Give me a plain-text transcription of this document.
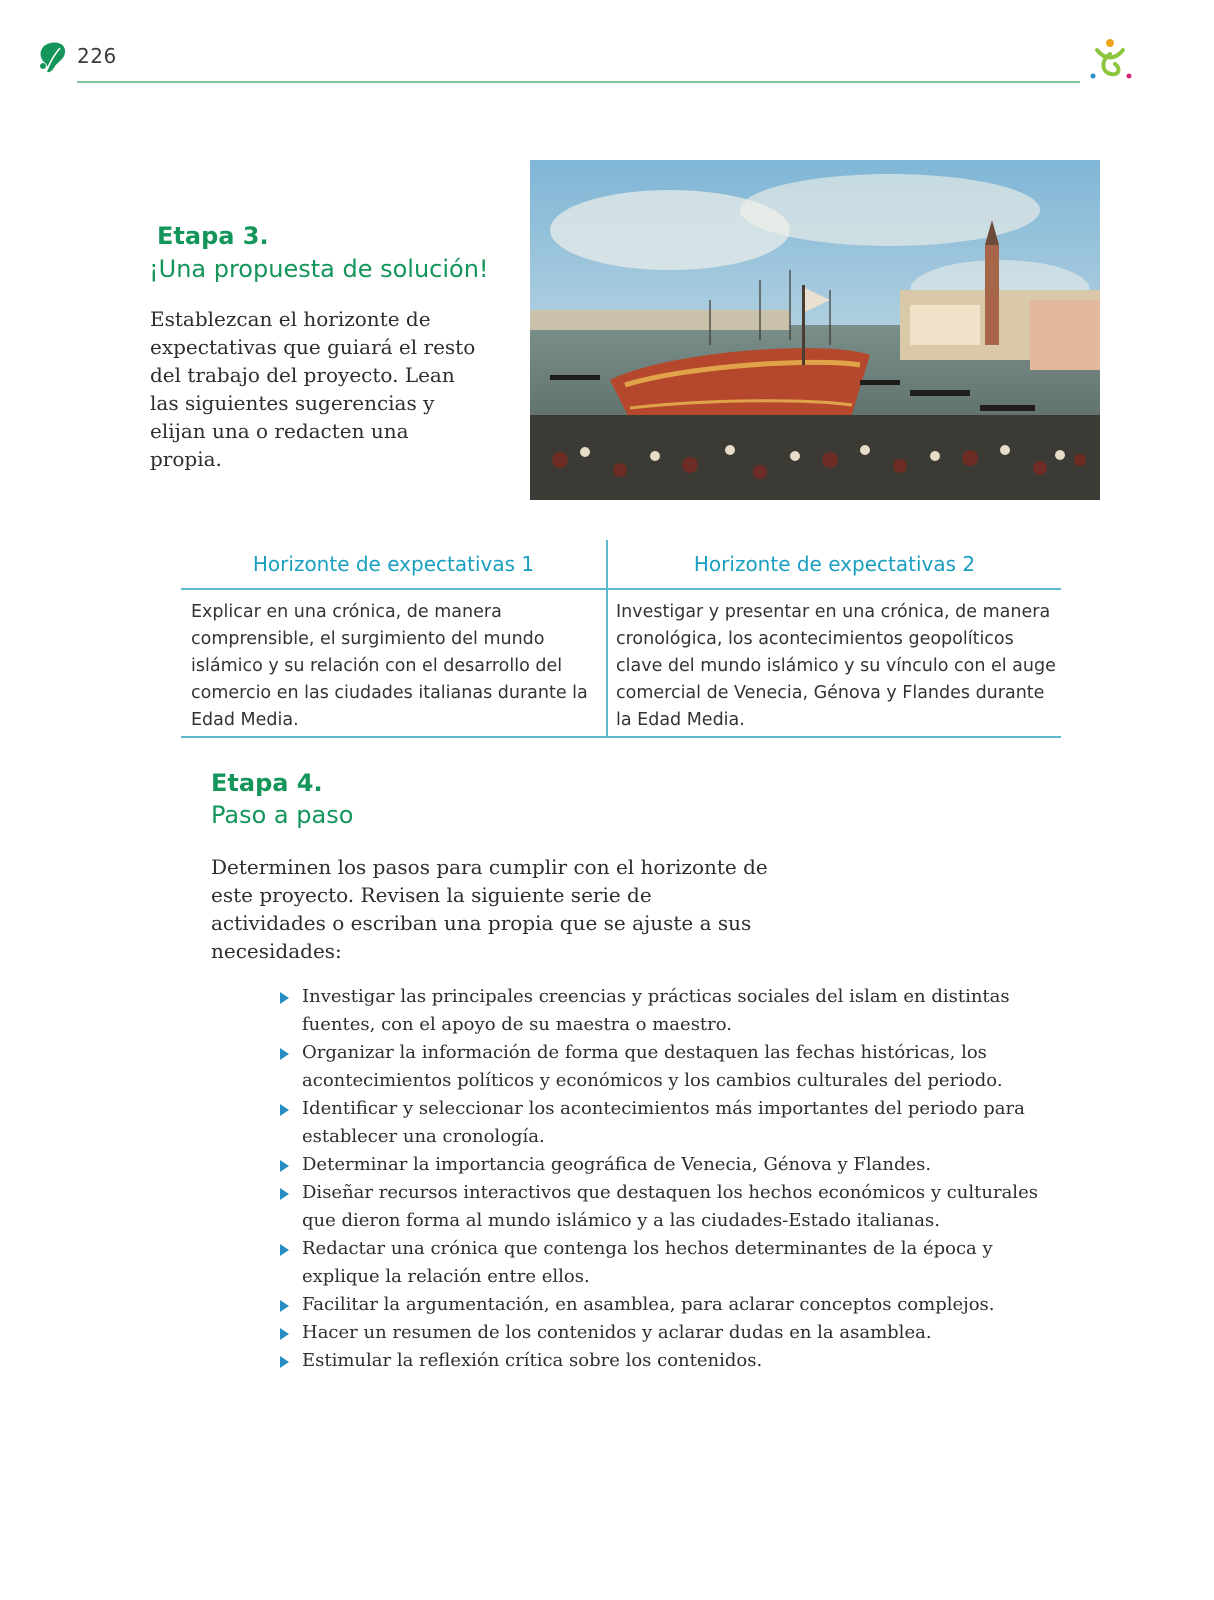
226
Etapa 3.
¡Una propuesta de solución!
Establezcan el horizonte de expectativas que guiará el resto del trabajo del proyecto. Lean las siguientes sugerencias y elijan una o redacten una propia.
Horizonte de expectativas 1	Horizonte de expectativas 2
Explicar en una crónica, de manera comprensible, el surgimiento del mundo islámico y su relación con el desarrollo del comercio en las ciudades italianas durante la Edad Media.
Investigar y presentar en una crónica, de manera cronológica, los acontecimientos geopolíticos clave del mundo islámico y su vínculo con el auge comercial de Venecia, Génova y Flandes durante la Edad Media.
Etapa 4.
Paso a paso
Determinen los pasos para cumplir con el horizonte de este proyecto. Revisen la siguiente serie de actividades o escriban una propia que se ajuste a sus necesidades:
Investigar las principales creencias y prácticas sociales del islam en distintas fuentes, con el apoyo de su maestra o maestro.
Organizar la información de forma que destaquen las fechas históricas, los acontecimientos políticos y económicos y los cambios culturales del periodo.
Identificar y seleccionar los acontecimientos más importantes del periodo para establecer una cronología.
Determinar la importancia geográfica de Venecia, Génova y Flandes.
Diseñar recursos interactivos que destaquen los hechos económicos y culturales que dieron forma al mundo islámico y a las ciudades-Estado italianas.
Redactar una crónica que contenga los hechos determinantes de la época y explique la relación entre ellos.
Facilitar la argumentación, en asamblea, para aclarar conceptos complejos.
Hacer un resumen de los contenidos y aclarar dudas en la asamblea.
Estimular la reflexión crítica sobre los contenidos.
